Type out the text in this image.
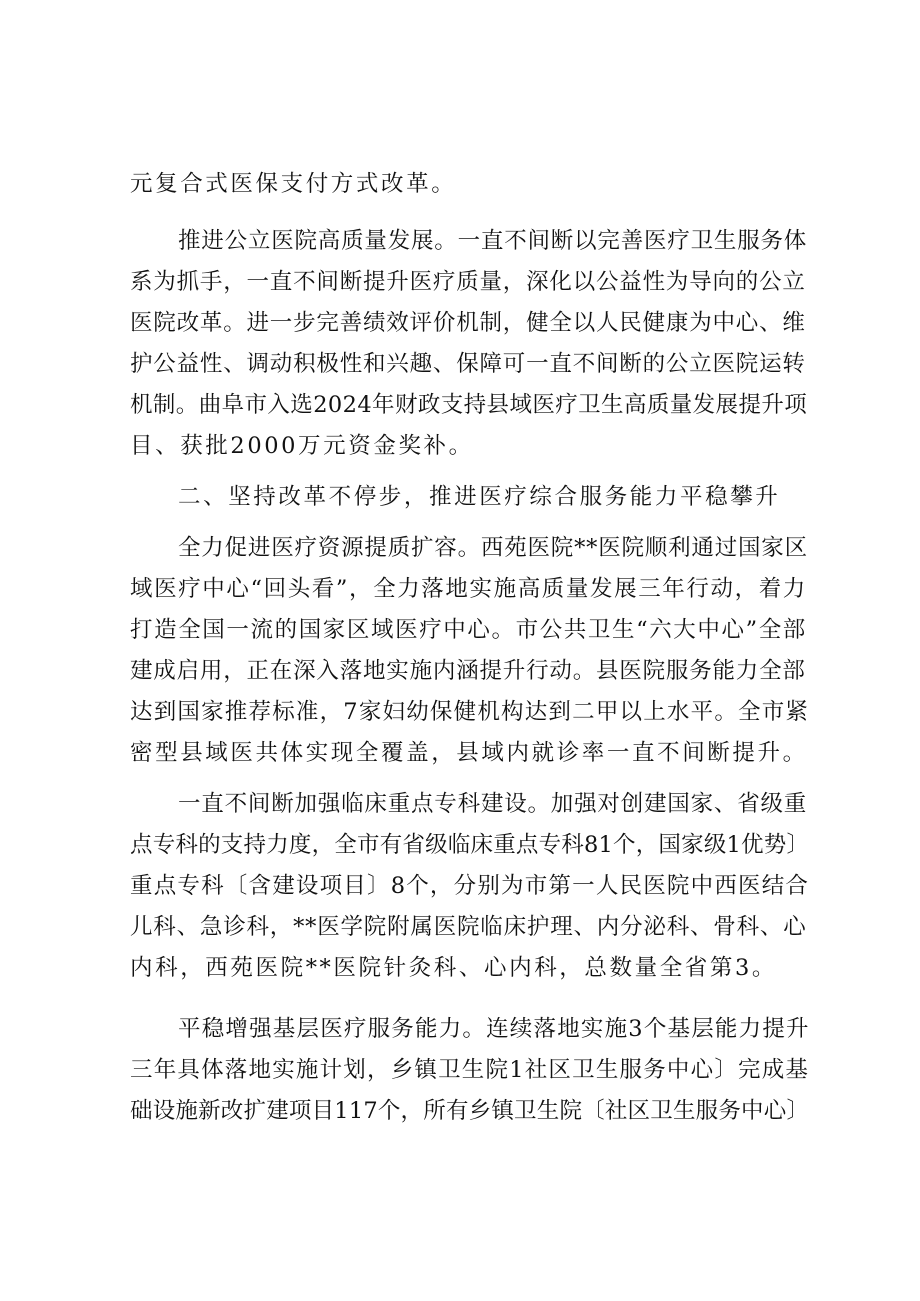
元复合式医保支付方式改革。
推进公立医院高质量发展。一直不间断以完善医疗卫生服务体
系为抓手，一直不间断提升医疗质量，深化以公益性为导向的公立
医院改革。进一步完善绩效评价机制，健全以人民健康为中心、维
护公益性、调动积极性和兴趣、保障可一直不间断的公立医院运转
机制。曲阜市入选2024年财政支持县域医疗卫生高质量发展提升项
目、获批2000万元资金奖补。
二、坚持改革不停步，推进医疗综合服务能力平稳攀升
全力促进医疗资源提质扩容。西苑医院**医院顺利通过国家区
域医疗中心“回头看”，全力落地实施高质量发展三年行动，着力
打造全国一流的国家区域医疗中心。市公共卫生“六大中心”全部
建成启用，正在深入落地实施内涵提升行动。县医院服务能力全部
达到国家推荐标准，7家妇幼保健机构达到二甲以上水平。全市紧
密型县域医共体实现全覆盖，县域内就诊率一直不间断提升。
一直不间断加强临床重点专科建设。加强对创建国家、省级重
点专科的支持力度，全市有省级临床重点专科81个，国家级1优势〕
重点专科〔含建设项目〕8个，分别为市第一人民医院中西医结合
儿科、急诊科，**医学院附属医院临床护理、内分泌科、骨科、心
内科，西苑医院**医院针灸科、心内科，总数量全省第3。
平稳增强基层医疗服务能力。连续落地实施3个基层能力提升
三年具体落地实施计划，乡镇卫生院1社区卫生服务中心〕完成基
础设施新改扩建项目117个，所有乡镇卫生院〔社区卫生服务中心〕
